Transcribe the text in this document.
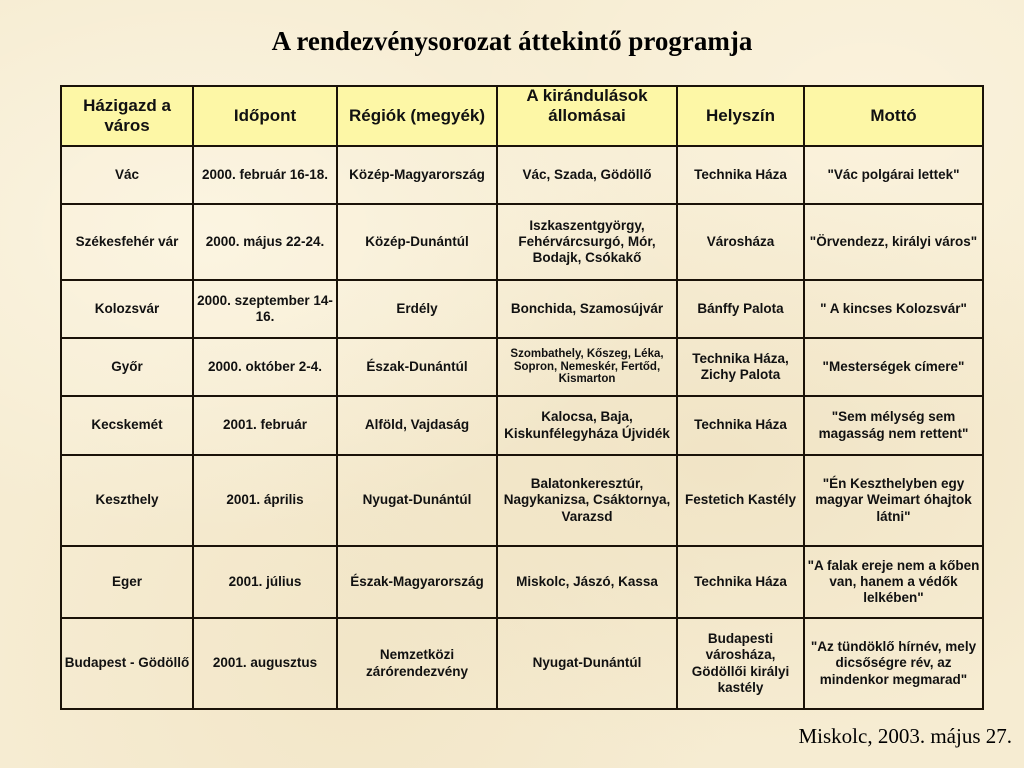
A rendezvénysorozat áttekintő programja
Házigazd a város	Időpont	Régiók (megyék)	A kirándulások állomásai	Helyszín	Mottó
Vác	2000. február 16-18.	Közép-Magyarország	Vác, Szada, Gödöllő	Technika Háza	"Vác polgárai lettek"
Székesfehér vár	2000. május 22-24.	Közép-Dunántúl	Iszkaszentgyörgy, Fehérvárcsurgó, Mór, Bodajk, Csókakő	Városháza	"Örvendezz, királyi város"
Kolozsvár	2000. szeptember 14-16.	Erdély	Bonchida, Szamosújvár	Bánffy Palota	" A kincses Kolozsvár"
Győr	2000. október 2-4.	Észak-Dunántúl	Szombathely, Kőszeg, Léka, Sopron, Nemeskér, Fertőd, Kismarton	Technika Háza, Zichy Palota	"Mesterségek címere"
Kecskemét	2001. február	Alföld, Vajdaság	Kalocsa, Baja, Kiskunfélegyháza Újvidék	Technika Háza	"Sem mélység sem magasság nem rettent"
Keszthely	2001. április	Nyugat-Dunántúl	Balatonkeresztúr, Nagykanizsa, Csáktornya, Varazsd	Festetich Kastély	"Én Keszthelyben egy magyar Weimart óhajtok látni"
Eger	2001. július	Észak-Magyarország	Miskolc, Jászó, Kassa	Technika Háza	"A falak ereje nem a kőben van, hanem a védők lelkében"
Budapest - Gödöllő	2001. augusztus	Nemzetközi zárórendezvény	Nyugat-Dunántúl	Budapesti városháza, Gödöllői királyi kastély	"Az tündöklő hírnév, mely dicsőségre rév, az mindenkor megmarad"
Miskolc, 2003. május 27.
